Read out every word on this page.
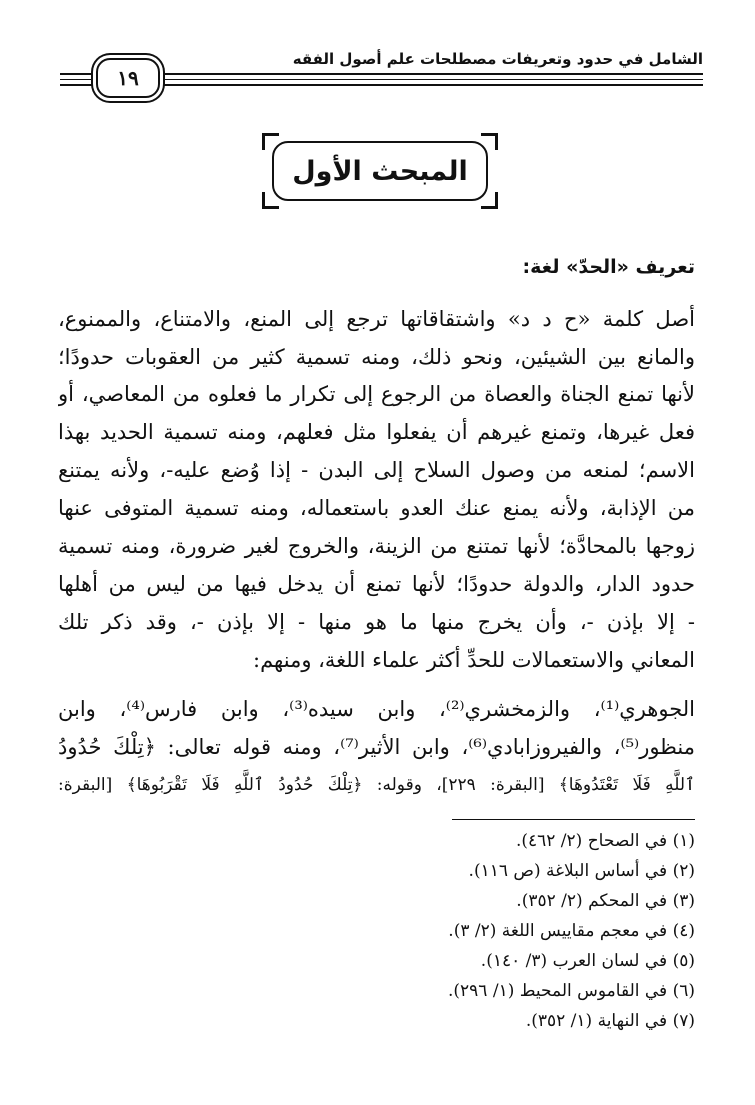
الشامل في حدود وتعريفات مصطلحات علم أصول الفقه
١٩
المبحث الأول
تعريف «الحدّ» لغة:
أصل كلمة «ح د د» واشتقاقاتها ترجع إلى المنع، والامتناع، والممنوع،
والمانع بين الشيئين، ونحو ذلك، ومنه تسمية كثير من العقوبات حدودًا؛
لأنها تمنع الجناة والعصاة من الرجوع إلى تكرار ما فعلوه من المعاصي، أو
فعل غيرها، وتمنع غيرهم أن يفعلوا مثل فعلهم، ومنه تسمية الحديد بهذا
الاسم؛ لمنعه من وصول السلاح إلى البدن - إذا وُضع عليه-، ولأنه يمتنع
من الإذابة، ولأنه يمنع عنك العدو باستعماله، ومنه تسمية المتوفى عنها
زوجها بالمحادَّة؛ لأنها تمتنع من الزينة، والخروج لغير ضرورة، ومنه تسمية
حدود الدار، والدولة حدودًا؛ لأنها تمنع أن يدخل فيها من ليس من أهلها
- إلا بإذن -، وأن يخرج منها ما هو منها - إلا بإذن -، وقد ذكر تلك
المعاني والاستعمالات للحدِّ أكثر علماء اللغة، ومنهم:
الجوهري⁽¹⁾، والزمخشري⁽²⁾، وابن سيده⁽³⁾، وابن فارس⁽⁴⁾، وابن
منظور⁽⁵⁾، والفيروزابادي⁽⁶⁾، وابن الأثير⁽⁷⁾، ومنه قوله تعالى: ﴿تِلْكَ حُدُودُ
ٱللَّهِ فَلَا تَعْتَدُوهَا﴾ [البقرة: ٢٢٩]، وقوله: ﴿تِلْكَ حُدُودُ ٱللَّهِ فَلَا تَقْرَبُوهَا﴾ [البقرة:
(١) في الصحاح (٢/ ٤٦٢).
(٢) في أساس البلاغة (ص ١١٦).
(٣) في المحكم (٢/ ٣٥٢).
(٤) في معجم مقاييس اللغة (٢/ ٣).
(٥) في لسان العرب (٣/ ١٤٠).
(٦) في القاموس المحيط (١/ ٢٩٦).
(٧) في النهاية (١/ ٣٥٢).
